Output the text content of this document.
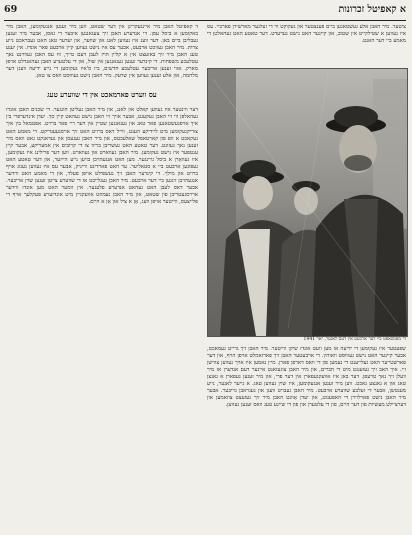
69	א קאפיטל זכרונות

ד קאפיטל האבן מיר איינגעקריגן אין דער שטאט, ווען מיר זענען אנגעקומען, האבן מיר באקומען א ביסל עסן. די אנדערע האבן זיך צעגאנגען איבער די גאסן, אבער מיר זענען געבליבן ביים באן. דער וועג איז געווען לאנג און שווער, און יעדער טאג האט געבראכט נייע צרות. מיר האבן געזוכט ארבעט, אבער עס איז נישט געווען קיין ארבעט פאר אונדז. אין יענע טעג האבן מיר זיך באזעצט אין א קליין הויז לעבן דעם טייך, וווּ עס האבן געוווינט נאך עטלעכע משפחות. די קינדער זענען געגאנגען אין שול, און די עלטערע האבן געהאנדלט אויפן מארק. אזוי זענען אריבער עטלעכע חדשים, ביז ס'איז געקומען די נייע ידיעה וועגן דער מלחמה, און אלע זענען געווען אין שרעק. מיר האבן נישט געוווּסט וואס צו טאן.

עס ווערט פארמאכט אין די שווערע טעג

דער ווינטער איז געווען קאלט און לאנג, און מיר האבן געליטן הונגער. די שכנים האבן אונדז געהאלפן ווי זיי האבן געקענט, אבער אויך זיי האבן נישט געהאט קיין סך. יעדן אינדערפרי בין איך אויפגעשטאנען פאר טאג און געגאנגען שטיין אין דער ריי פאר ברויט. אפטמאל בין איך צוריקגעקומען מיט ליידיקע הענט, ווייל דאס ברויט האט זיך אויסגעענדיקט. די מאמע האט געקאכט א זופּ פון קארטאפל שאלעכטס, און מיר האבן געגעסן און געדאנקט גאט וואס מיר זענען נאך געזונט. דער טאטע האט געשריבן בריוו צו די קרובים אין אמעריקע, אבער קיין ענטפער איז נישט געקומען. מיר האבן געווארט און געווארט. ווען דער פרילינג איז געקומען, איז געוואָרן א ביסל גרינגער. מען האט אנגעהויבן בויען נייע הייזער, און דער טאטע האט געפונען ארבעט ביי א סטאליער. ער האט פארדינט ווייניק, אבער עס איז געווען גענוג אויף ברויט און מילך. די קינדער האבן זיך געשפילט אויפן פעלד, און די מאמע האט ווידער אנגעהויבן זינגען ביי דער ארבעט. מיר האבן געגלייבט אז די שווערע צייטן זענען שוין אריבער. אבער דאס לעבן האט געהאט אנדערע פלענער. אין זומער האט מען אונדז ווידער ארויסגעטריבן פון שטאט, און מיר האבן געמוזט אוועקגיין מיט אונדזערע פעקלעך אויף די פלייצעס, ווייטער אויפן וועג, אָן א ציל און אָן א היים.

ציטער. מיר האבן אלע געשטאנען ביים פענצטער און געקוקט ווי די זעלנער מארשירן פארביי. עס איז געווען א שטילקייט אין שטוב, און קיינער האט נישט גערעדט. דער טאטע האט געהאלטן די מאמע ביי דער האנט.

די מאנשאפט ביי דער ארבעט אין דעם לאגער, יאר 1941

שפעטער איז געקומען די ידיעה אז מען וועט אונדז שיקן ווייטער. מיר האבן זיך גרייט געמאכט, אבער קיינער האט נישט געוווּסט וואוהין. די ארבעטער האבן זיך פארזאמלט אויפן הויף, און דער פארשטייער האט געלייענט די נעמען פון די וואס דארפן פארן. מיין נאמען איז אויך געווען צווישן זיי. איך האב זיך געזעגנט מיט די חברים, און מיר האבן צוגעזאגט איינער דעם אנדערן אז מיר וועלן זיך נאך טרעפן. דער באן איז אוועקגעפארן אין דער פרי, און מיר זענען געפארן א גאנצן טאג און א גאנצע נאכט. ווען מיר זענען אנגעקומען, איז שוין געווען טאג. א נייער לאגער, נייע מענטשן, אבער די זעלבע שווערע ארבעט. מיר האבן געבויט וועגן און געגראבן גריבער. אבער מיר האבן נישט פארלוירן די האפענונג, און יעדן אָוונט האבן מיר זיך געזעצט צוזאמען און דערציילט מעשיות פון דער היים, פון די עלטערן און פון די שיינע טעג וואס זענען געווען.
